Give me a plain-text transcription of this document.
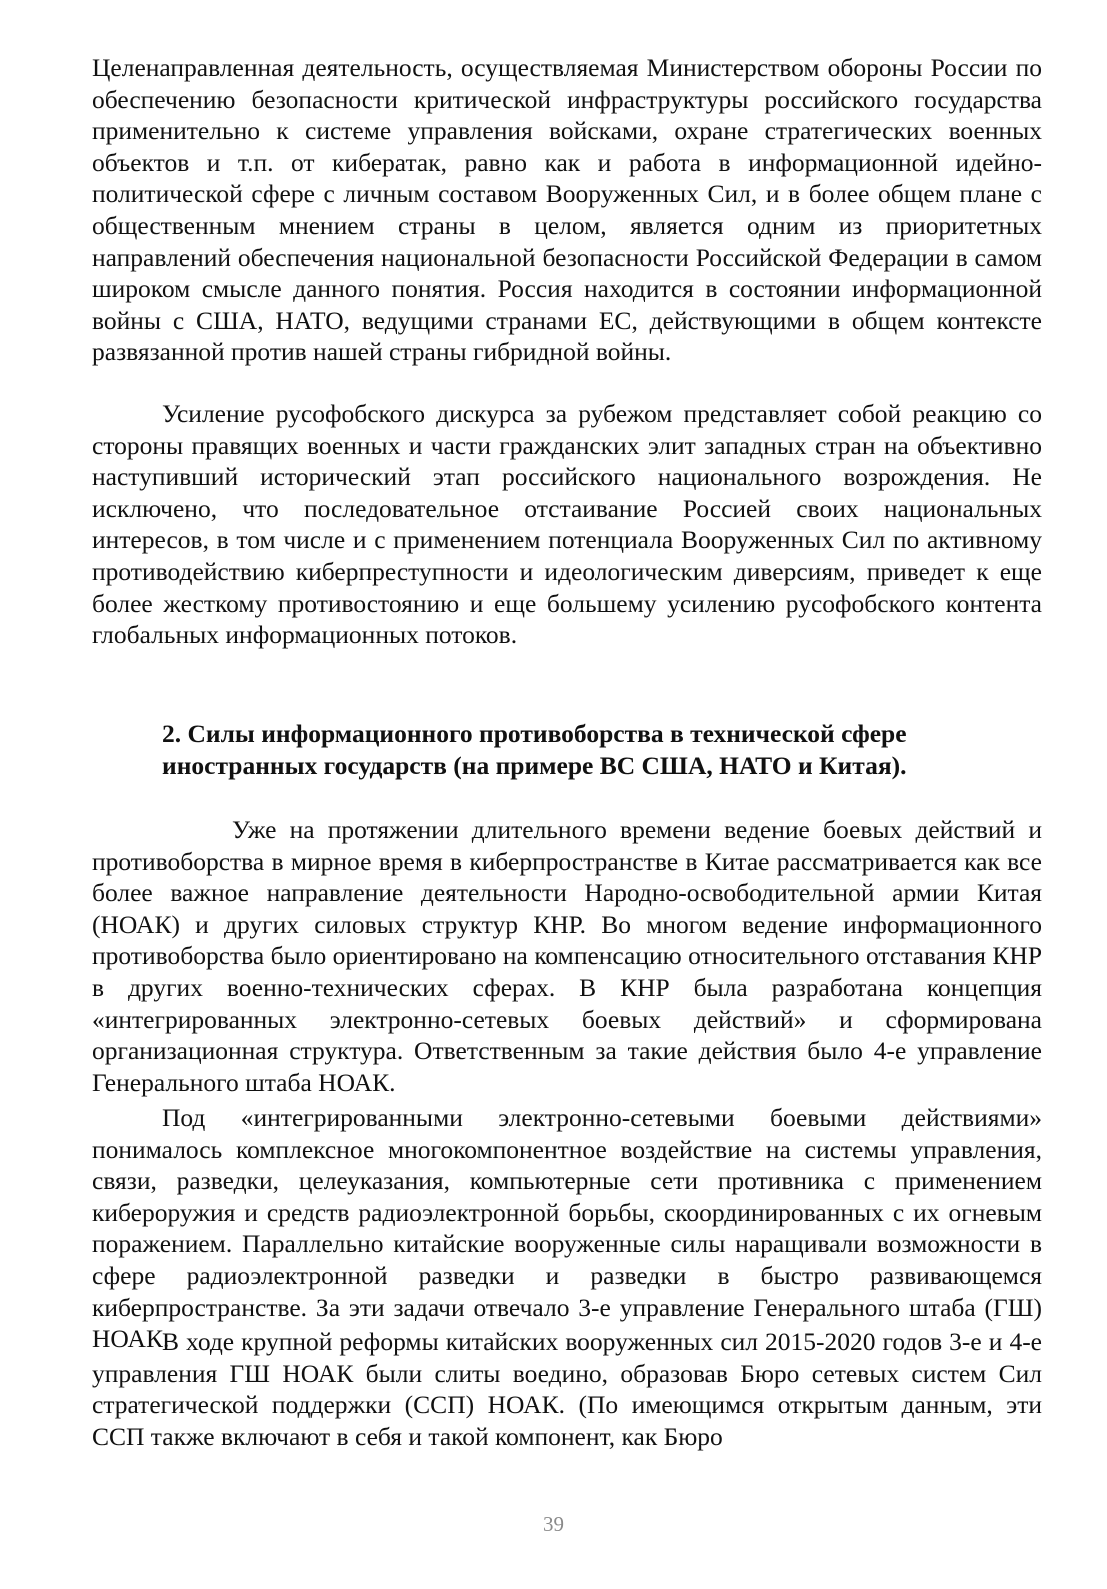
Целенаправленная деятельность, осуществляемая Министерством обороны России по обеспечению безопасности критической инфраструктуры российского государства применительно к системе управления войсками, охране стратегических военных объектов и т.п. от кибератак, равно как и работа в информационной идейно-политической сфере с личным составом Вооруженных Сил, и в более общем плане с общественным мнением страны в целом, является одним из приоритетных направлений обеспечения национальной безопасности Российской Федерации в самом широком смысле данного понятия. Россия находится в состоянии информационной войны с США, НАТО, ведущими странами ЕС, действующими в общем контексте развязанной против нашей страны гибридной войны.

Усиление русофобского дискурса за рубежом представляет собой реакцию со стороны правящих военных и части гражданских элит западных стран на объективно наступивший исторический этап российского национального возрождения. Не исключено, что последовательное отстаивание Россией своих национальных интересов, в том числе и с применением потенциала Вооруженных Сил по активному противодействию киберпреступности и идеологическим диверсиям, приведет к еще более жесткому противостоянию и еще большему усилению русофобского контента глобальных информационных потоков.

2. Силы информационного противоборства в технической сфере
иностранных государств (на примере ВС США, НАТО и Китая).

Уже на протяжении длительного времени ведение боевых действий и противоборства в мирное время в киберпространстве в Китае рассматривается как все более важное направление деятельности Народно-освободительной армии Китая (НОАК) и других силовых структур КНР. Во многом ведение информационного противоборства было ориентировано на компенсацию относительного отставания КНР в других военно-технических сферах. В КНР была разработана концепция «интегрированных электронно-сетевых боевых действий» и сформирована организационная структура. Ответственным за такие действия было 4-е управление Генерального штаба НОАК.

Под «интегрированными электронно-сетевыми боевыми действиями» понималось комплексное многокомпонентное воздействие на системы управления, связи, разведки, целеуказания, компьютерные сети противника с применением кибероружия и средств радиоэлектронной борьбы, скоординированных с их огневым поражением. Параллельно китайские вооруженные силы наращивали возможности в сфере радиоэлектронной разведки и разведки в быстро развивающемся киберпространстве. За эти задачи отвечало 3-е управление Генерального штаба (ГШ) НОАК.

В ходе крупной реформы китайских вооруженных сил 2015-2020 годов 3-е и 4-е управления ГШ НОАК были слиты воедино, образовав Бюро сетевых систем Сил стратегической поддержки (ССП) НОАК. (По имеющимся открытым данным, эти ССП также включают в себя и такой компонент, как Бюро

39
